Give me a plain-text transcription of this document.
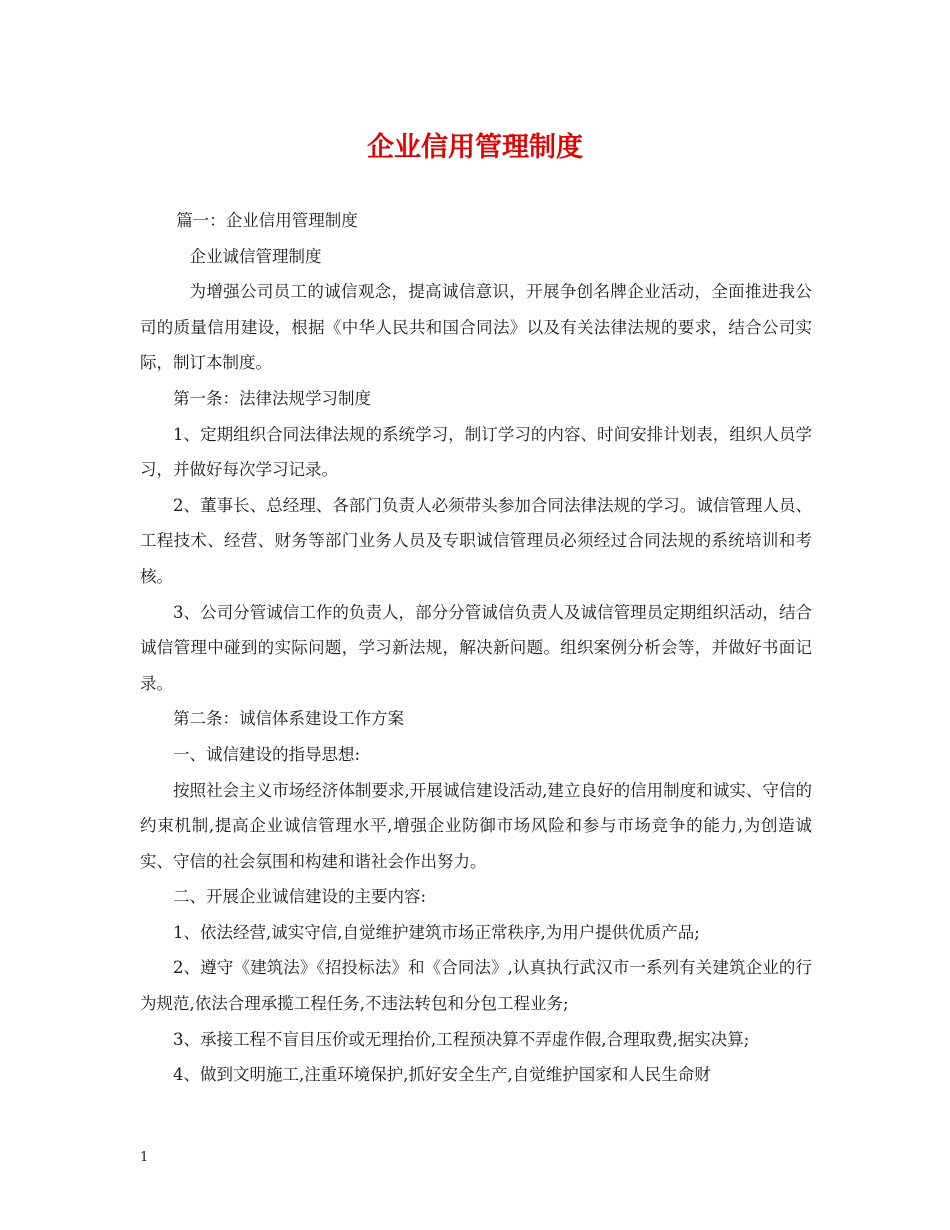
企业信用管理制度

篇一：企业信用管理制度

企业诚信管理制度

为增强公司员工的诚信观念，提高诚信意识，开展争创名牌企业活动，全面推进我公司的质量信用建设，根据《中华人民共和国合同法》以及有关法律法规的要求，结合公司实际，制订本制度。

第一条：法律法规学习制度

1、定期组织合同法律法规的系统学习，制订学习的内容、时间安排计划表，组织人员学习，并做好每次学习记录。

2、董事长、总经理、各部门负责人必须带头参加合同法律法规的学习。诚信管理人员、工程技术、经营、财务等部门业务人员及专职诚信管理员必须经过合同法规的系统培训和考核。

3、公司分管诚信工作的负责人，部分分管诚信负责人及诚信管理员定期组织活动，结合诚信管理中碰到的实际问题，学习新法规，解决新问题。组织案例分析会等，并做好书面记录。

第二条：诚信体系建设工作方案

一、诚信建设的指导思想:

按照社会主义市场经济体制要求,开展诚信建设活动,建立良好的信用制度和诚实、守信的约束机制,提高企业诚信管理水平,增强企业防御市场风险和参与市场竞争的能力,为创造诚实、守信的社会氛围和构建和谐社会作出努力。

二、开展企业诚信建设的主要内容:

1、依法经营,诚实守信,自觉维护建筑市场正常秩序,为用户提供优质产品;

2、遵守《建筑法》《招投标法》和《合同法》,认真执行武汉市一系列有关建筑企业的行为规范,依法合理承揽工程任务,不违法转包和分包工程业务;

3、承接工程不盲目压价或无理抬价,工程预决算不弄虚作假,合理取费,据实决算;

4、做到文明施工,注重环境保护,抓好安全生产,自觉维护国家和人民生命财

1
